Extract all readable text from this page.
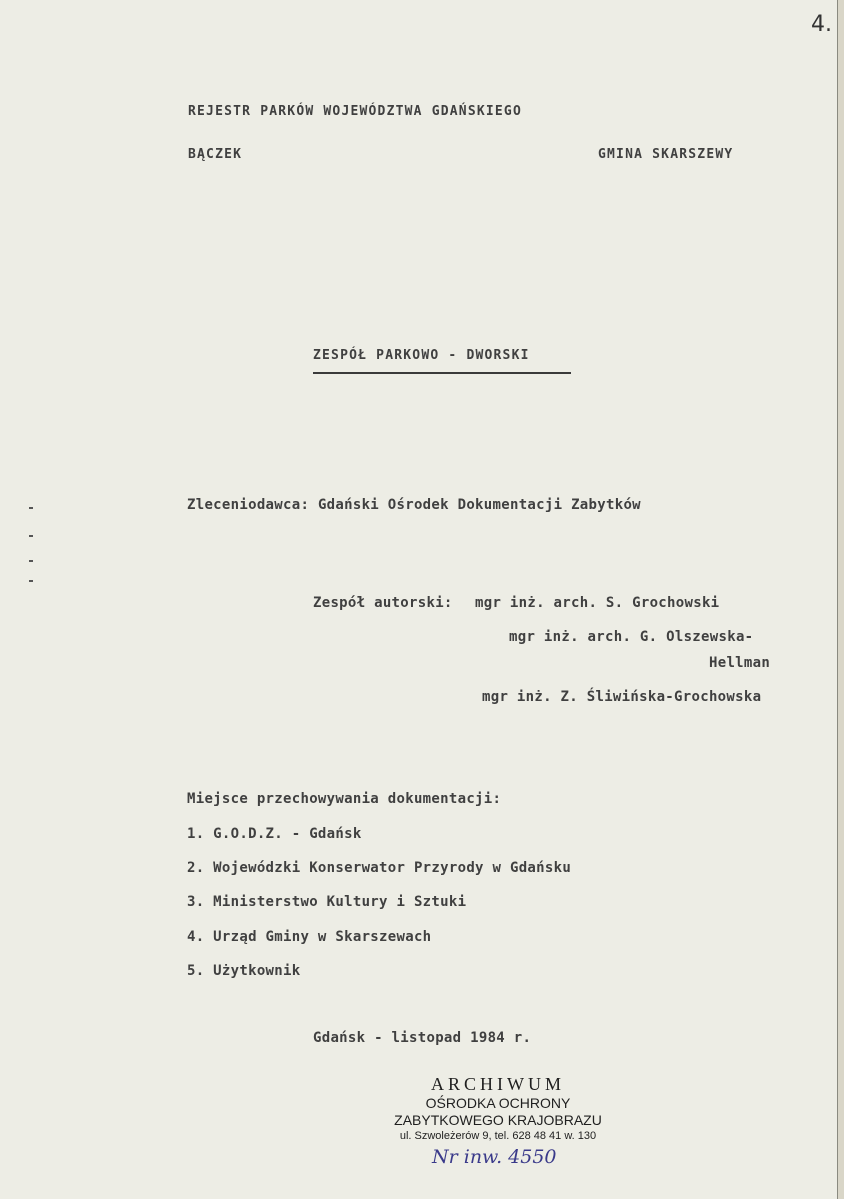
4.
REJESTR PARKÓW WOJEWÓDZTWA GDAŃSKIEGO
BĄCZEK	GMINA SKARSZEWY
ZESPÓŁ PARKOWO - DWORSKI
Zleceniodawca: Gdański Ośrodek Dokumentacji Zabytków
Zespół autorski: mgr inż. arch. S. Grochowski
mgr inż. arch. G. Olszewska-
Hellman
mgr inż. Z. Śliwińska-Grochowska
Miejsce przechowywania dokumentacji:
1. G.O.D.Z. - Gdańsk
2. Wojewódzki Konserwator Przyrody w Gdańsku
3. Ministerstwo Kultury i Sztuki
4. Urząd Gminy w Skarszewach
5. Użytkownik
Gdańsk - listopad 1984 r.
ARCHIWUM
OŚRODKA OCHRONY
ZABYTKOWEGO KRAJOBRAZU
ul. Szwoleżerów 9, tel. 628 48 41 w. 130
Nr inw. 4550
